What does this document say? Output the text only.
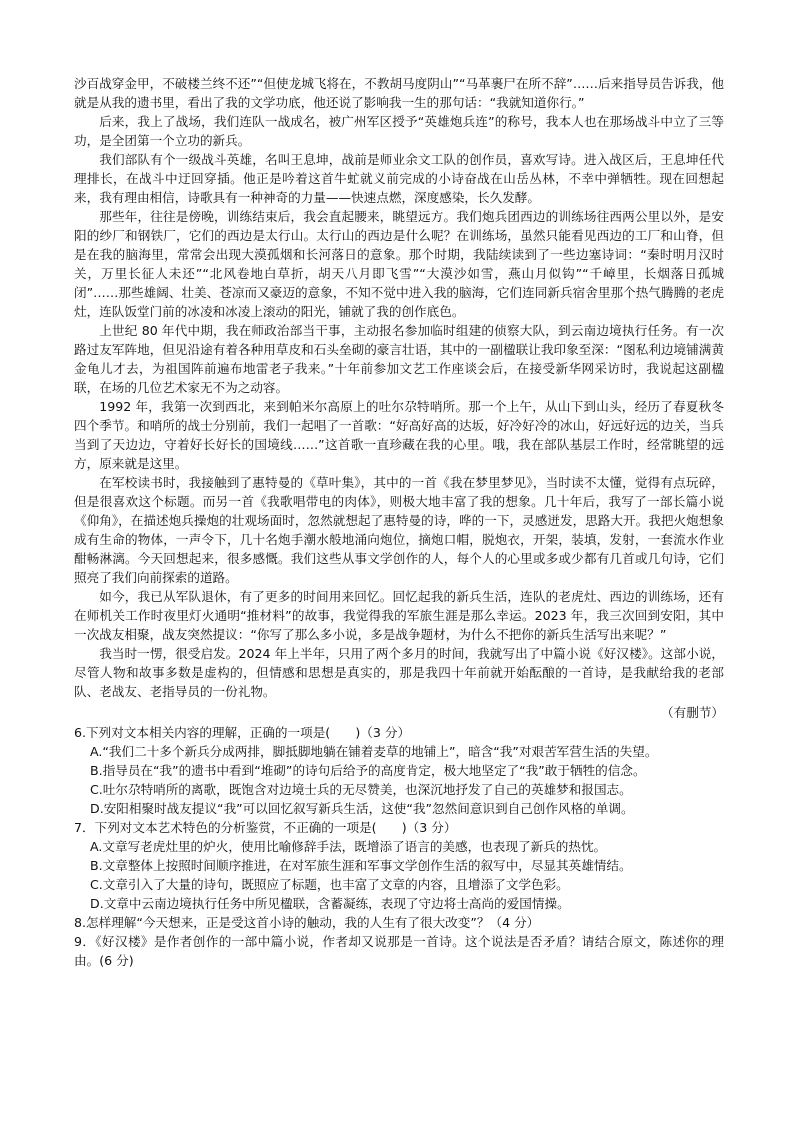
沙百战穿金甲，不破楼兰终不还”“但使龙城飞将在，不教胡马度阴山”“马革裹尸在所不辞”……后来指导员告诉我，他就是从我的遗书里，看出了我的文学功底，他还说了影响我一生的那句话：“我就知道你行。”

后来，我上了战场，我们连队一战成名，被广州军区授予“英雄炮兵连”的称号，我本人也在那场战斗中立了三等功，是全团第一个立功的新兵。

我们部队有个一级战斗英雄，名叫王息坤，战前是师业余文工队的创作员，喜欢写诗。进入战区后，王息坤任代理排长，在战斗中迂回穿插。他正是吟着这首牛虻就义前完成的小诗奋战在山岳丛林，不幸中弹牺牲。现在回想起来，我有理由相信，诗歌具有一种神奇的力量——快速点燃，深度感染，长久发酵。

那些年，往往是傍晚，训练结束后，我会直起腰来，眺望远方。我们炮兵团西边的训练场往西两公里以外，是安阳的纱厂和钢铁厂，它们的西边是太行山。太行山的西边是什么呢？在训练场，虽然只能看见西边的工厂和山脊，但是在我的脑海里，常常会出现大漠孤烟和长河落日的意象。那个时期，我陆续读到了一些边塞诗词：“秦时明月汉时关，万里长征人未还”“北风卷地白草折，胡天八月即飞雪”“大漠沙如雪，燕山月似钩”“千嶂里，长烟落日孤城闭”……那些雄阔、壮美、苍凉而又豪迈的意象，不知不觉中进入我的脑海，它们连同新兵宿舍里那个热气腾腾的老虎灶，连队饭堂门前的冰凌和冰凌上滚动的阳光，铺就了我的创作底色。

上世纪 80 年代中期，我在师政治部当干事，主动报名参加临时组建的侦察大队，到云南边境执行任务。有一次路过友军阵地，但见沿途有着各种用草皮和石头垒砌的豪言壮语，其中的一副楹联让我印象至深：“图私利边境铺满黄金龟儿才去，为祖国阵前遍布地雷老子我来。”十年前参加文艺工作座谈会后，在接受新华网采访时，我说起这副楹联，在场的几位艺术家无不为之动容。

1992 年，我第一次到西北，来到帕米尔高原上的吐尔尕特哨所。那一个上午，从山下到山头，经历了春夏秋冬四个季节。和哨所的战士分别前，我们一起唱了一首歌：“好高好高的达坂，好冷好冷的冰山，好远好远的边关，当兵当到了天边边，守着好长好长的国境线……”这首歌一直珍藏在我的心里。哦，我在部队基层工作时，经常眺望的远方，原来就是这里。

在军校读书时，我接触到了惠特曼的《草叶集》，其中的一首《我在梦里梦见》，当时读不太懂，觉得有点玩碎，但是很喜欢这个标题。而另一首《我歌唱带电的肉体》，则极大地丰富了我的想象。几十年后，我写了一部长篇小说《仰角》，在描述炮兵操炮的壮观场面时，忽然就想起了惠特曼的诗，哗的一下，灵感迸发，思路大开。我把火炮想象成有生命的物体，一声令下，几十名炮手潮水般地涌向炮位，摘炮口帽，脱炮衣，开架，装填，发射，一套流水作业酣畅淋漓。今天回想起来，很多感慨。我们这些从事文学创作的人，每个人的心里或多或少都有几首或几句诗，它们照亮了我们向前探索的道路。

如今，我已从军队退休，有了更多的时间用来回忆。回忆起我的新兵生活，连队的老虎灶、西边的训练场，还有在师机关工作时夜里灯火通明“推材料”的故事，我觉得我的军旅生涯是那么幸运。2023 年，我三次回到安阳，其中一次战友相聚，战友突然提议：“你写了那么多小说，多是战争题材，为什么不把你的新兵生活写出来呢？”

我当时一愣，很受启发。2024 年上半年，只用了两个多月的时间，我就写出了中篇小说《好汉楼》。这部小说，尽管人物和故事多数是虚构的，但情感和思想是真实的，那是我四十年前就开始酝酿的一首诗，是我献给我的老部队、老战友、老指导员的一份礼物。

（有删节）

6.下列对文本相关内容的理解，正确的一项是(　　)（3 分）

A.“我们二十多个新兵分成两排，脚抵脚地躺在铺着麦草的地铺上”，暗含“我”对艰苦军营生活的失望。

B.指导员在“我”的遗书中看到“堆砌”的诗句后给予的高度肯定，极大地坚定了“我”敢于牺牲的信念。

C.吐尔尕特哨所的离歌，既饱含对边境士兵的无尽赞美，也深沉地抒发了自己的英雄梦和报国志。

D.安阳相聚时战友提议“我”可以回忆叙写新兵生活，这使“我”忽然间意识到自己创作风格的单调。

7．下列对文本艺术特色的分析鉴赏，不正确的一项是(　　)（3 分）

A.文章写老虎灶里的炉火，使用比喻修辞手法，既增添了语言的美感，也表现了新兵的热忱。

B.文章整体上按照时间顺序推进，在对军旅生涯和军事文学创作生活的叙写中，尽显其英雄情结。

C.文章引入了大量的诗句，既照应了标题，也丰富了文章的内容，且增添了文学色彩。

D.文章中云南边境执行任务中所见楹联，含蓄凝练，表现了守边将士高尚的爱国情操。

8.怎样理解“今天想来，正是受这首小诗的触动，我的人生有了很大改变”？（4 分）

9．《好汉楼》是作者创作的一部中篇小说，作者却又说那是一首诗。这个说法是否矛盾？请结合原文，陈述你的理由。(6 分)
